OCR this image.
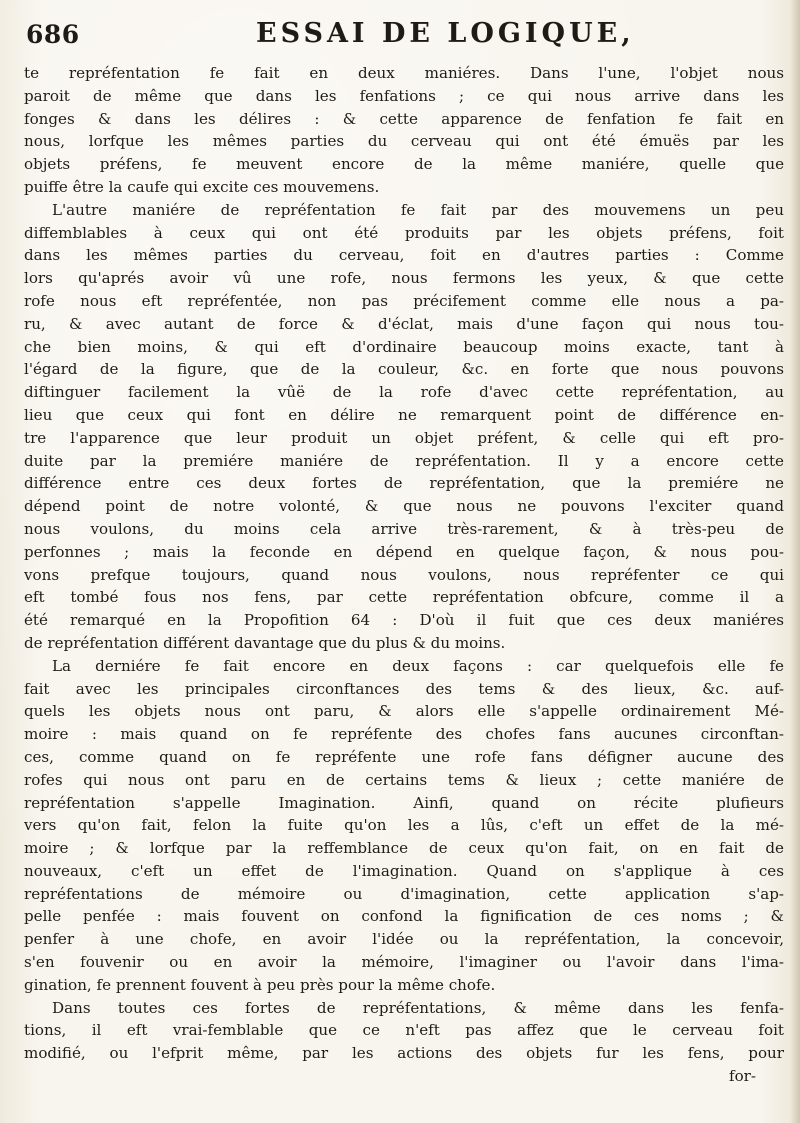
686	ESSAI DE LOGIQUE,
te repréfentation fe fait en deux maniéres. Dans l'une, l'objet nous
paroit de même que dans les fenfations ; ce qui nous arrive dans les
fonges & dans les délires : & cette apparence de fenfation fe fait en
nous, lorfque les mêmes parties du cerveau qui ont été émuës par les
objets préfens, fe meuvent encore de la même maniére, quelle que
puiffe être la caufe qui excite ces mouvemens.
L'autre maniére de repréfentation fe fait par des mouvemens un peu
diffemblables à ceux qui ont été produits par les objets préfens, foit
dans les mêmes parties du cerveau, foit en d'autres parties : Comme
lors qu'aprés avoir vû une rofe, nous fermons les yeux, & que cette
rofe nous eft repréfentée, non pas précifement comme elle nous a pa-
ru, & avec autant de force & d'éclat, mais d'une façon qui nous tou-
che bien moins, & qui eft d'ordinaire beaucoup moins exacte, tant à
l'égard de la figure, que de la couleur, &c. en forte que nous pouvons
diftinguer facilement la vûë de la rofe d'avec cette repréfentation, au
lieu que ceux qui font en délire ne remarquent point de différence en-
tre l'apparence que leur produit un objet préfent, & celle qui eft pro-
duite par la premiére maniére de repréfentation. Il y a encore cette
différence entre ces deux fortes de repréfentation, que la premiére ne
dépend point de notre volonté, & que nous ne pouvons l'exciter quand
nous voulons, du moins cela arrive très-rarement, & à très-peu de
perfonnes ; mais la feconde en dépend en quelque façon, & nous pou-
vons prefque toujours, quand nous voulons, nous repréfenter ce qui
eft tombé fous nos fens, par cette repréfentation obfcure, comme il a
été remarqué en la Propofition 64 : D'où il fuit que ces deux maniéres
de repréfentation différent davantage que du plus & du moins.
La derniére fe fait encore en deux façons : car quelquefois elle fe
fait avec les principales circonftances des tems & des lieux, &c. auf-
quels les objets nous ont paru, & alors elle s'appelle ordinairement Mé-
moire : mais quand on fe repréfente des chofes fans aucunes circonftan-
ces, comme quand on fe repréfente une rofe fans défigner aucune des
rofes qui nous ont paru en de certains tems & lieux ; cette maniére de
repréfentation s'appelle Imagination. Ainfi, quand on récite plufieurs
vers qu'on fait, felon la fuite qu'on les a lûs, c'eft un effet de la mé-
moire ; & lorfque par la reffemblance de ceux qu'on fait, on en fait de
nouveaux, c'eft un effet de l'imagination. Quand on s'applique à ces
repréfentations de mémoire ou d'imagination, cette application s'ap-
pelle penfée : mais fouvent on confond la fignification de ces noms ; &
penfer à une chofe, en avoir l'idée ou la repréfentation, la concevoir,
s'en fouvenir ou en avoir la mémoire, l'imaginer ou l'avoir dans l'ima-
gination, fe prennent fouvent à peu près pour la même chofe.
Dans toutes ces fortes de repréfentations, & même dans les fenfa-
tions, il eft vrai-femblable que ce n'eft pas affez que le cerveau foit
modifié, ou l'efprit même, par les actions des objets fur les fens, pour
for-
